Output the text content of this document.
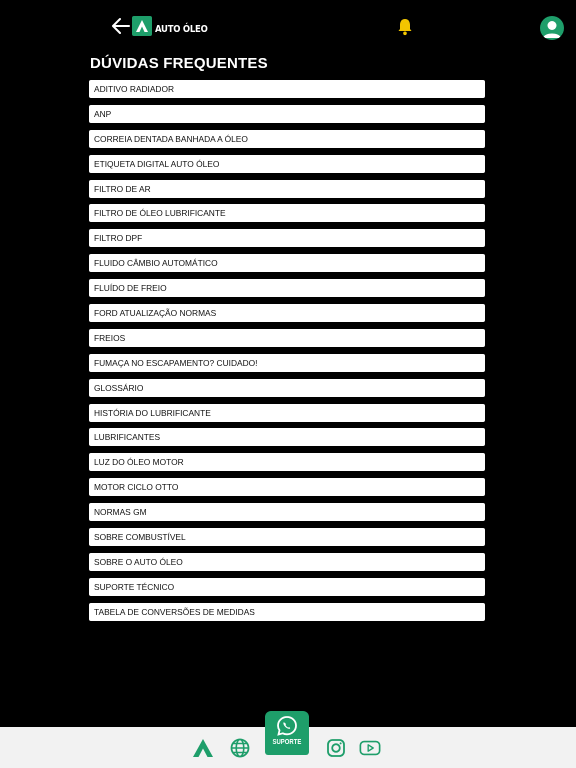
AUTO ÓLEO
DÚVIDAS FREQUENTES
ADITIVO RADIADOR
ANP
CORREIA DENTADA BANHADA A ÓLEO
ETIQUETA DIGITAL AUTO ÓLEO
FILTRO DE AR
FILTRO DE ÓLEO LUBRIFICANTE
FILTRO DPF
FLUIDO CÂMBIO AUTOMÁTICO
FLUÍDO DE FREIO
FORD ATUALIZAÇÃO NORMAS
FREIOS
FUMAÇA NO ESCAPAMENTO? CUIDADO!
GLOSSÁRIO
HISTÓRIA DO LUBRIFICANTE
LUBRIFICANTES
LUZ DO ÓLEO MOTOR
MOTOR CICLO OTTO
NORMAS GM
SOBRE COMBUSTÍVEL
SOBRE O AUTO ÓLEO
SUPORTE TÉCNICO
TABELA DE CONVERSÕES DE MEDIDAS
SUPORTE
